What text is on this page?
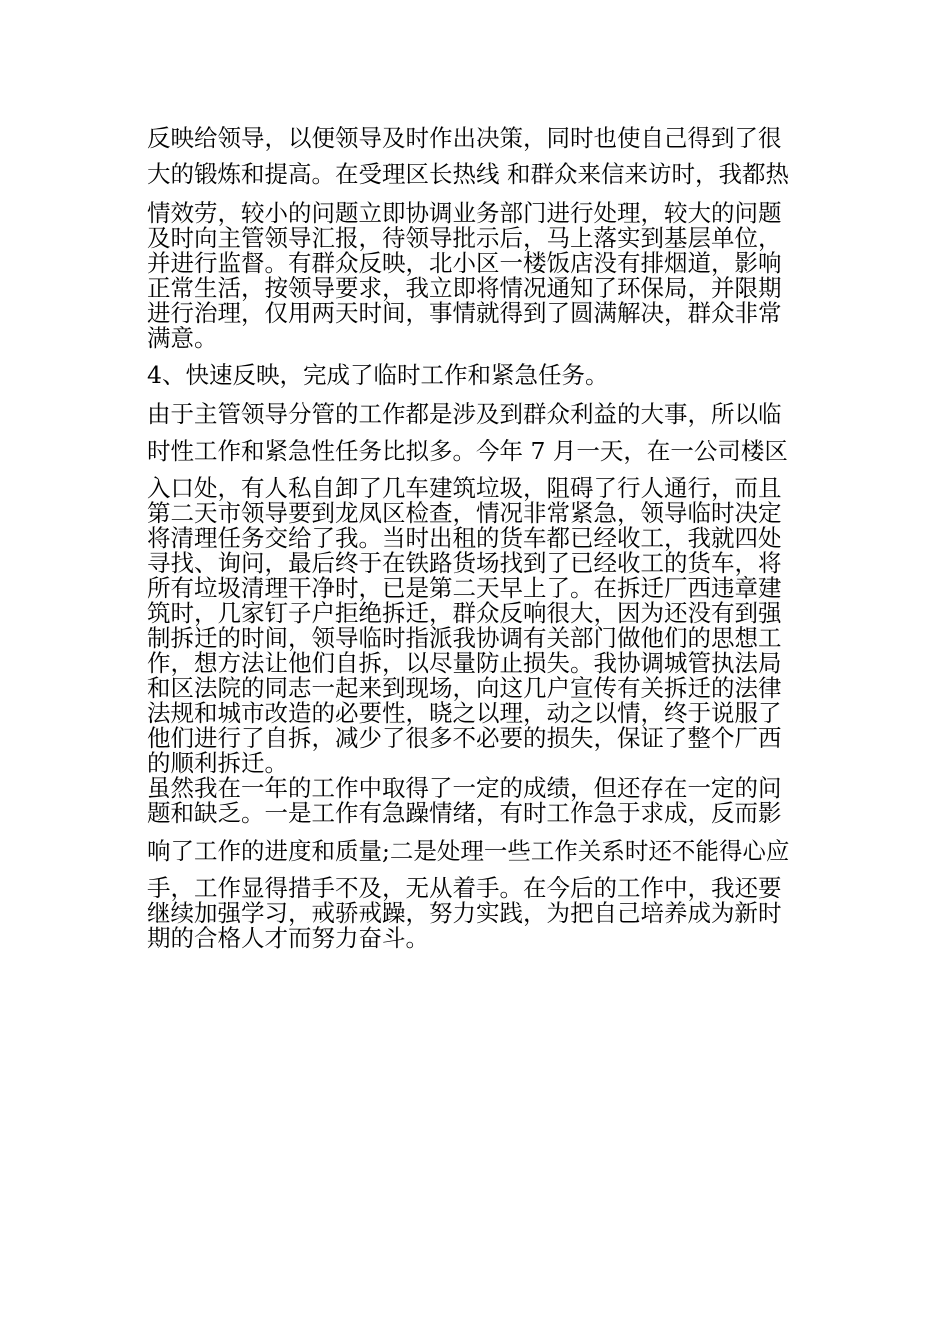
反映给领导，以便领导及时作出决策，同时也使自己得到了很

大的锻炼和提高。在受理区长热线 和群众来信来访时，我都热

情效劳，较小的问题立即协调业务部门进行处理，较大的问题

及时向主管领导汇报，待领导批示后，马上落实到基层单位，

并进行监督。有群众反映，北小区一楼饭店没有排烟道，影响

正常生活，按领导要求，我立即将情况通知了环保局，并限期

进行治理，仅用两天时间，事情就得到了圆满解决，群众非常

满意。

4、快速反映，完成了临时工作和紧急任务。

由于主管领导分管的工作都是涉及到群众利益的大事，所以临

时性工作和紧急性任务比拟多。今年 7 月一天，在一公司楼区

入口处，有人私自卸了几车建筑垃圾，阻碍了行人通行，而且

第二天市领导要到龙凤区检查，情况非常紧急，领导临时决定

将清理任务交给了我。当时出租的货车都已经收工，我就四处

寻找、询问，最后终于在铁路货场找到了已经收工的货车，将

所有垃圾清理干净时，已是第二天早上了。在拆迁厂西违章建

筑时，几家钉子户拒绝拆迁，群众反响很大，因为还没有到强

制拆迁的时间，领导临时指派我协调有关部门做他们的思想工

作，想方法让他们自拆，以尽量防止损失。我协调城管执法局

和区法院的同志一起来到现场，向这几户宣传有关拆迁的法律

法规和城市改造的必要性，晓之以理，动之以情，终于说服了

他们进行了自拆，减少了很多不必要的损失，保证了整个厂西

的顺利拆迁。

虽然我在一年的工作中取得了一定的成绩，但还存在一定的问

题和缺乏。一是工作有急躁情绪，有时工作急于求成，反而影

响了工作的进度和质量;二是处理一些工作关系时还不能得心应

手，工作显得措手不及，无从着手。在今后的工作中，我还要

继续加强学习，戒骄戒躁，努力实践，为把自己培养成为新时

期的合格人才而努力奋斗。
